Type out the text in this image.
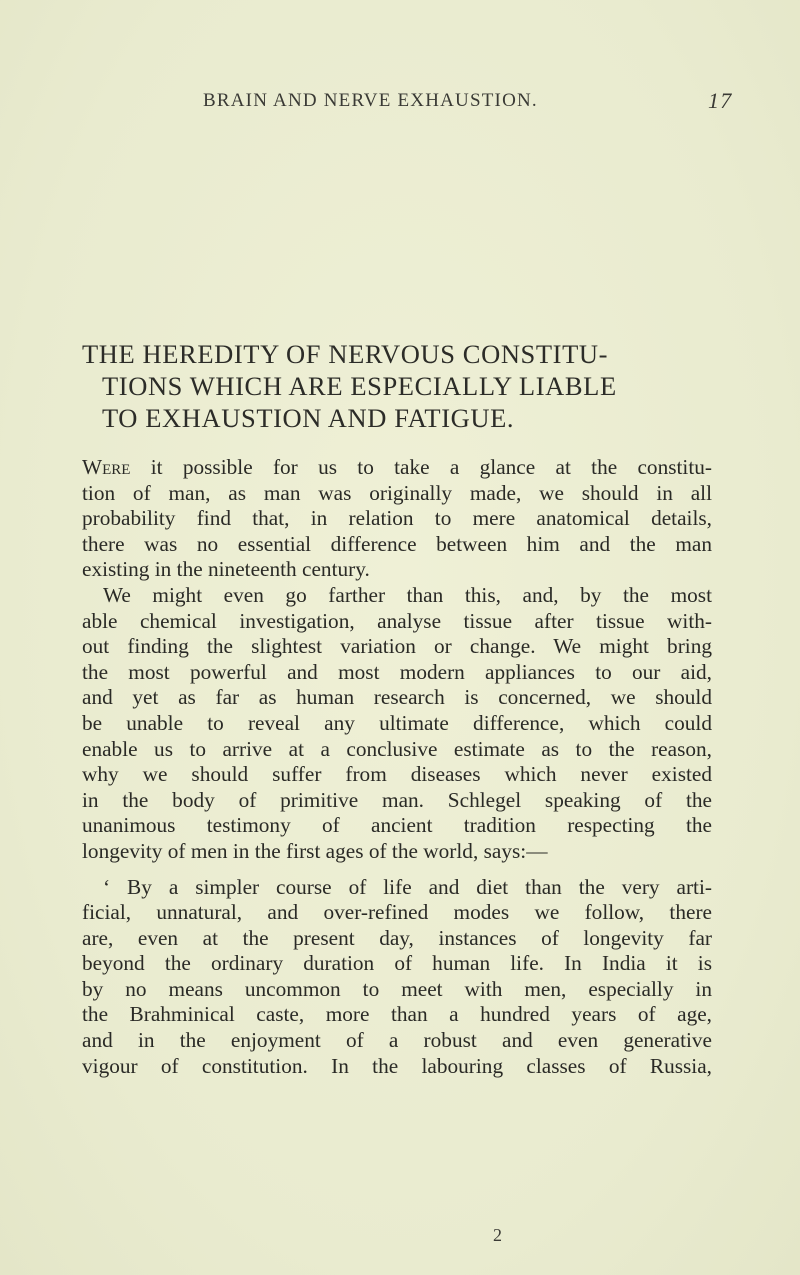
BRAIN AND NERVE EXHAUSTION.	17
THE HEREDITY OF NERVOUS CONSTITU-
TIONS WHICH ARE ESPECIALLY LIABLE
TO EXHAUSTION AND FATIGUE.
Were it possible for us to take a glance at the constitu-
tion of man, as man was originally made, we should in all
probability find that, in relation to mere anatomical details,
there was no essential difference between him and the man
existing in the nineteenth century.
We might even go farther than this, and, by the most
able chemical investigation, analyse tissue after tissue with-
out finding the slightest variation or change. We might bring
the most powerful and most modern appliances to our aid,
and yet as far as human research is concerned, we should
be unable to reveal any ultimate difference, which could
enable us to arrive at a conclusive estimate as to the reason,
why we should suffer from diseases which never existed
in the body of primitive man. Schlegel speaking of the
unanimous testimony of ancient tradition respecting the
longevity of men in the first ages of the world, says:—
‘ By a simpler course of life and diet than the very arti-
ficial, unnatural, and over-refined modes we follow, there
are, even at the present day, instances of longevity far
beyond the ordinary duration of human life. In India it is
by no means uncommon to meet with men, especially in
the Brahminical caste, more than a hundred years of age,
and in the enjoyment of a robust and even generative
vigour of constitution. In the labouring classes of Russia,
2
